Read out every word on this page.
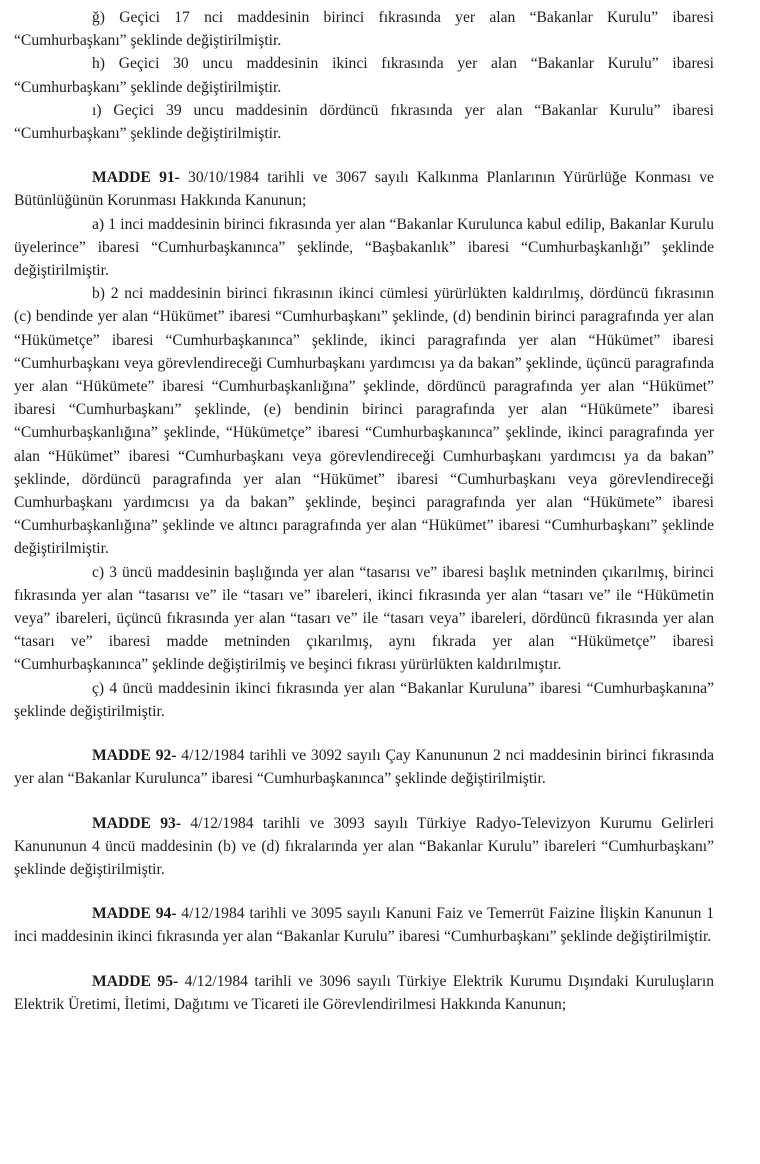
ğ) Geçici 17 nci maddesinin birinci fıkrasında yer alan “Bakanlar Kurulu” ibaresi “Cumhurbaşkanı” şeklinde değiştirilmiştir.

h) Geçici 30 uncu maddesinin ikinci fıkrasında yer alan “Bakanlar Kurulu” ibaresi “Cumhurbaşkanı” şeklinde değiştirilmiştir.

ı) Geçici 39 uncu maddesinin dördüncü fıkrasında yer alan “Bakanlar Kurulu” ibaresi “Cumhurbaşkanı” şeklinde değiştirilmiştir.

MADDE 91- 30/10/1984 tarihli ve 3067 sayılı Kalkınma Planlarının Yürürlüğe Konması ve Bütünlüğünün Korunması Hakkında Kanunun;

a) 1 inci maddesinin birinci fıkrasında yer alan “Bakanlar Kurulunca kabul edilip, Bakanlar Kurulu üyelerince” ibaresi “Cumhurbaşkanınca” şeklinde, “Başbakanlık” ibaresi “Cumhurbaşkanlığı” şeklinde değiştirilmiştir.

b) 2 nci maddesinin birinci fıkrasının ikinci cümlesi yürürlükten kaldırılmış, dördüncü fıkrasının (c) bendinde yer alan “Hükümet” ibaresi “Cumhurbaşkanı” şeklinde, (d) bendinin birinci paragrafında yer alan “Hükümetçe” ibaresi “Cumhurbaşkanınca” şeklinde, ikinci paragrafında yer alan “Hükümet” ibaresi “Cumhurbaşkanı veya görevlendireceği Cumhurbaşkanı yardımcısı ya da bakan” şeklinde, üçüncü paragrafında yer alan “Hükümete” ibaresi “Cumhurbaşkanlığına” şeklinde, dördüncü paragrafında yer alan “Hükümet” ibaresi “Cumhurbaşkanı” şeklinde, (e) bendinin birinci paragrafında yer alan “Hükümete” ibaresi “Cumhurbaşkanlığına” şeklinde, “Hükümetçe” ibaresi “Cumhurbaşkanınca” şeklinde, ikinci paragrafında yer alan “Hükümet” ibaresi “Cumhurbaşkanı veya görevlendireceği Cumhurbaşkanı yardımcısı ya da bakan” şeklinde, dördüncü paragrafında yer alan “Hükümet” ibaresi “Cumhurbaşkanı veya görevlendireceği Cumhurbaşkanı yardımcısı ya da bakan” şeklinde, beşinci paragrafında yer alan “Hükümete” ibaresi “Cumhurbaşkanlığına” şeklinde ve altıncı paragrafında yer alan “Hükümet” ibaresi “Cumhurbaşkanı” şeklinde değiştirilmiştir.

c) 3 üncü maddesinin başlığında yer alan “tasarısı ve” ibaresi başlık metninden çıkarılmış, birinci fıkrasında yer alan “tasarısı ve” ile “tasarı ve” ibareleri, ikinci fıkrasında yer alan “tasarı ve” ile “Hükümetin veya” ibareleri, üçüncü fıkrasında yer alan “tasarı ve” ile “tasarı veya” ibareleri, dördüncü fıkrasında yer alan “tasarı ve” ibaresi madde metninden çıkarılmış, aynı fıkrada yer alan “Hükümetçe” ibaresi “Cumhurbaşkanınca” şeklinde değiştirilmiş ve beşinci fıkrası yürürlükten kaldırılmıştır.

ç) 4 üncü maddesinin ikinci fıkrasında yer alan “Bakanlar Kuruluna” ibaresi “Cumhurbaşkanına” şeklinde değiştirilmiştir.

MADDE 92- 4/12/1984 tarihli ve 3092 sayılı Çay Kanununun 2 nci maddesinin birinci fıkrasında yer alan “Bakanlar Kurulunca” ibaresi “Cumhurbaşkanınca” şeklinde değiştirilmiştir.

MADDE 93- 4/12/1984 tarihli ve 3093 sayılı Türkiye Radyo-Televizyon Kurumu Gelirleri Kanununun 4 üncü maddesinin (b) ve (d) fıkralarında yer alan “Bakanlar Kurulu” ibareleri “Cumhurbaşkanı” şeklinde değiştirilmiştir.

MADDE 94- 4/12/1984 tarihli ve 3095 sayılı Kanuni Faiz ve Temerrüt Faizine İlişkin Kanunun 1 inci maddesinin ikinci fıkrasında yer alan “Bakanlar Kurulu” ibaresi “Cumhurbaşkanı” şeklinde değiştirilmiştir.

MADDE 95- 4/12/1984 tarihli ve 3096 sayılı Türkiye Elektrik Kurumu Dışındaki Kuruluşların Elektrik Üretimi, İletimi, Dağıtımı ve Ticareti ile Görevlendirilmesi Hakkında Kanunun;
